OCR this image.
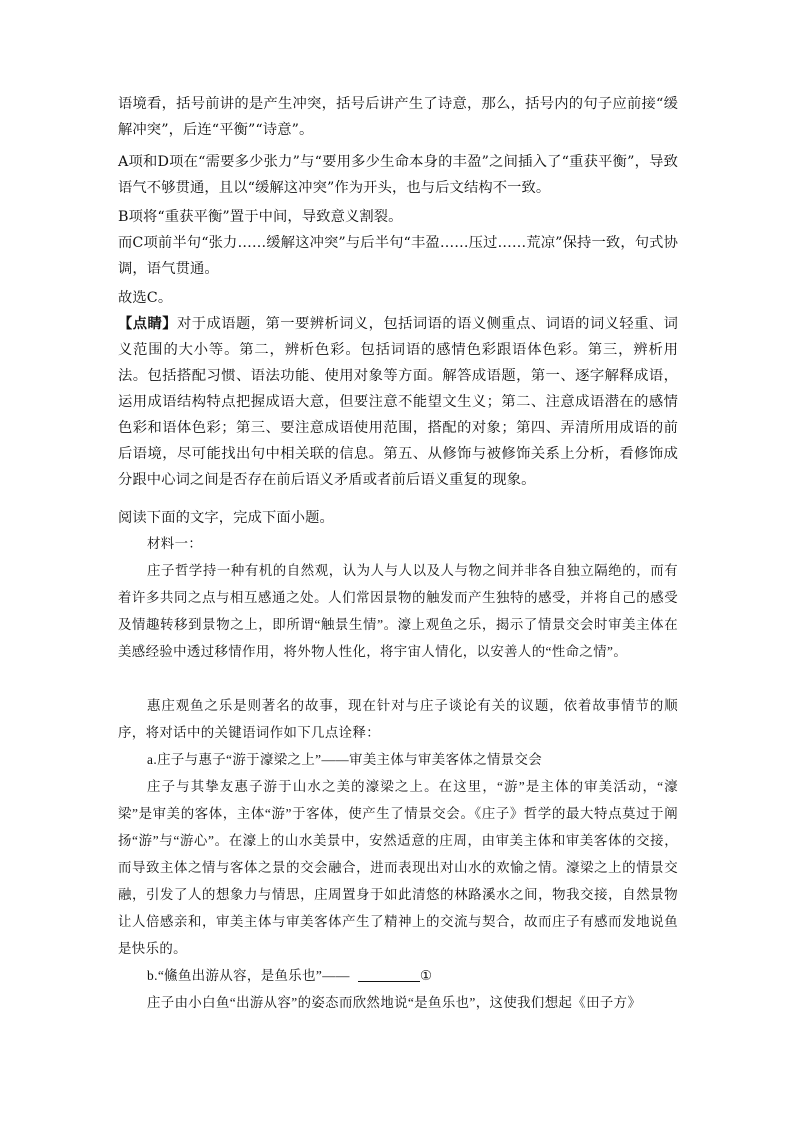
语境看，括号前讲的是产生冲突，括号后讲产生了诗意，那么，括号内的句子应前接“缓解冲突”，后连“平衡”“诗意”。

A项和D项在“需要多少张力”与“要用多少生命本身的丰盈”之间插入了“重获平衡”，导致语气不够贯通，且以“缓解这冲突”作为开头，也与后文结构不一致。

B项将“重获平衡”置于中间，导致意义割裂。

而C项前半句“张力……缓解这冲突”与后半句“丰盈……压过……荒凉”保持一致，句式协调，语气贯通。

故选C。

【点睛】对于成语题，第一要辨析词义，包括词语的语义侧重点、词语的词义轻重、词义范围的大小等。第二，辨析色彩。包括词语的感情色彩跟语体色彩。第三，辨析用法。包括搭配习惯、语法功能、使用对象等方面。解答成语题，第一、逐字解释成语，运用成语结构特点把握成语大意，但要注意不能望文生义；第二、注意成语潜在的感情色彩和语体色彩；第三、要注意成语使用范围，搭配的对象；第四、弄清所用成语的前后语境，尽可能找出句中相关联的信息。第五、从修饰与被修饰关系上分析，看修饰成分跟中心词之间是否存在前后语义矛盾或者前后语义重复的现象。

阅读下面的文字，完成下面小题。

材料一：

庄子哲学持一种有机的自然观，认为人与人以及人与物之间并非各自独立隔绝的，而有着许多共同之点与相互感通之处。人们常因景物的触发而产生独特的感受，并将自己的感受及情趣转移到景物之上，即所谓“触景生情”。濠上观鱼之乐，揭示了情景交会时审美主体在美感经验中透过移情作用，将外物人性化，将宇宙人情化，以安善人的“性命之情”。

惠庄观鱼之乐是则著名的故事，现在针对与庄子谈论有关的议题，依着故事情节的顺序，将对话中的关键语词作如下几点诠释：

a.庄子与惠子“游于濠梁之上”——审美主体与审美客体之情景交会

庄子与其挚友惠子游于山水之美的濠梁之上。在这里，“游”是主体的审美活动，“濠梁”是审美的客体，主体“游”于客体，使产生了情景交会。《庄子》哲学的最大特点莫过于阐扬“游”与“游心”。在濠上的山水美景中，安然适意的庄周，由审美主体和审美客体的交接，而导致主体之情与客体之景的交会融合，进而表现出对山水的欢愉之情。濠梁之上的情景交融，引发了人的想象力与情思，庄周置身于如此清悠的林路溪水之间，物我交接，自然景物让人倍感亲和，审美主体与审美客体产生了精神上的交流与契合，故而庄子有感而发地说鱼是快乐的。

b.“鯈鱼出游从容，是鱼乐也”——	①

庄子由小白鱼“出游从容”的姿态而欣然地说“是鱼乐也”，这使我们想起《田子方》
